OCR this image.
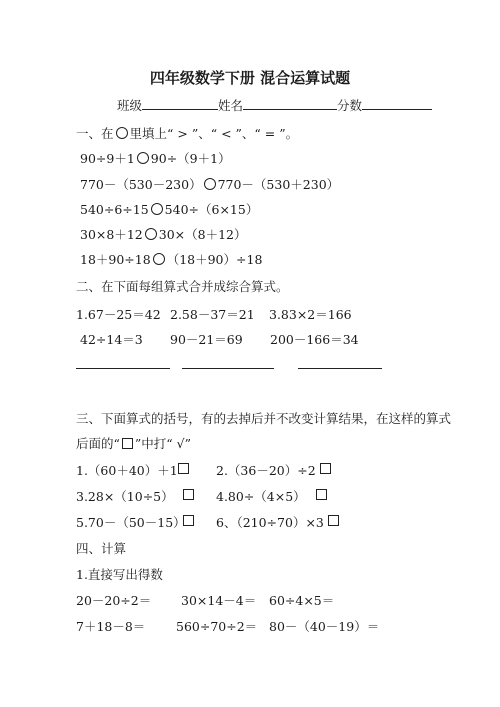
四年级数学下册 混合运算试题
班级	姓名	分数
一、在 里填上“ > ”、“ < ”、“ = ”。
90÷9＋1 90÷（9＋1）
770－（530－230） 770－（530＋230）
540÷6÷15 540÷（6×15）
30×8＋12 30×（8＋12）
18＋90÷18 （18＋90）÷18
二、在下面每组算式合并成综合算式。
1.67－25＝42 2.58－37＝21 3.83×2＝166
42÷14＝3 90－21＝69 200－166＝34
三、下面算式的括号，有的去掉后并不改变计算结果，在这样的算式
后面的“ ”中打“ √”
1.（60＋40）＋1	2.（36－20）÷2
3.28×（10÷5）	4.80÷（4×5）
5.70－（50－15） 6、（210÷70）×3
四、计算
1.直接写出得数
20－20÷2＝ 30×14－4＝ 60÷4×5＝
7＋18－8＝ 560÷70÷2＝ 80－（40－19）＝
